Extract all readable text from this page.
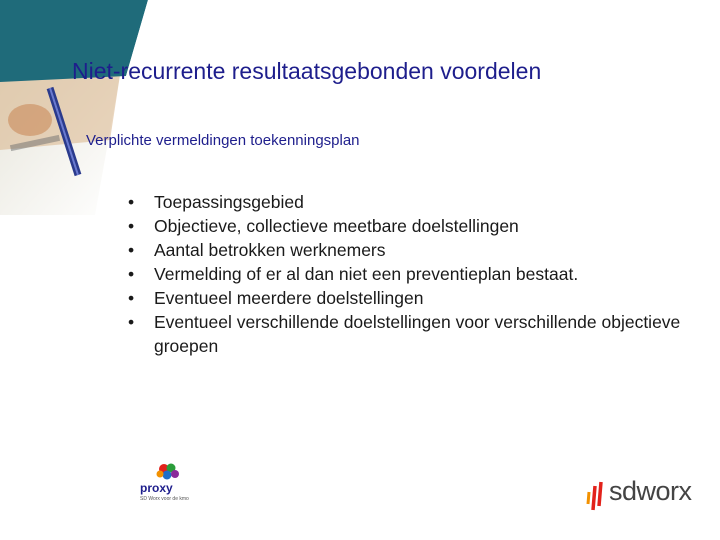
Niet-recurrente resultaatsgebonden voordelen
Verplichte vermeldingen toekenningsplan
• Toepassingsgebied
• Objectieve, collectieve meetbare doelstellingen
• Aantal betrokken werknemers
• Vermelding of er al dan niet een preventieplan bestaat.
• Eventueel meerdere doelstellingen
• Eventueel verschillende doelstellingen voor verschillende objectieve groepen
proxy
SD Worx voor de kmo	sdworx
